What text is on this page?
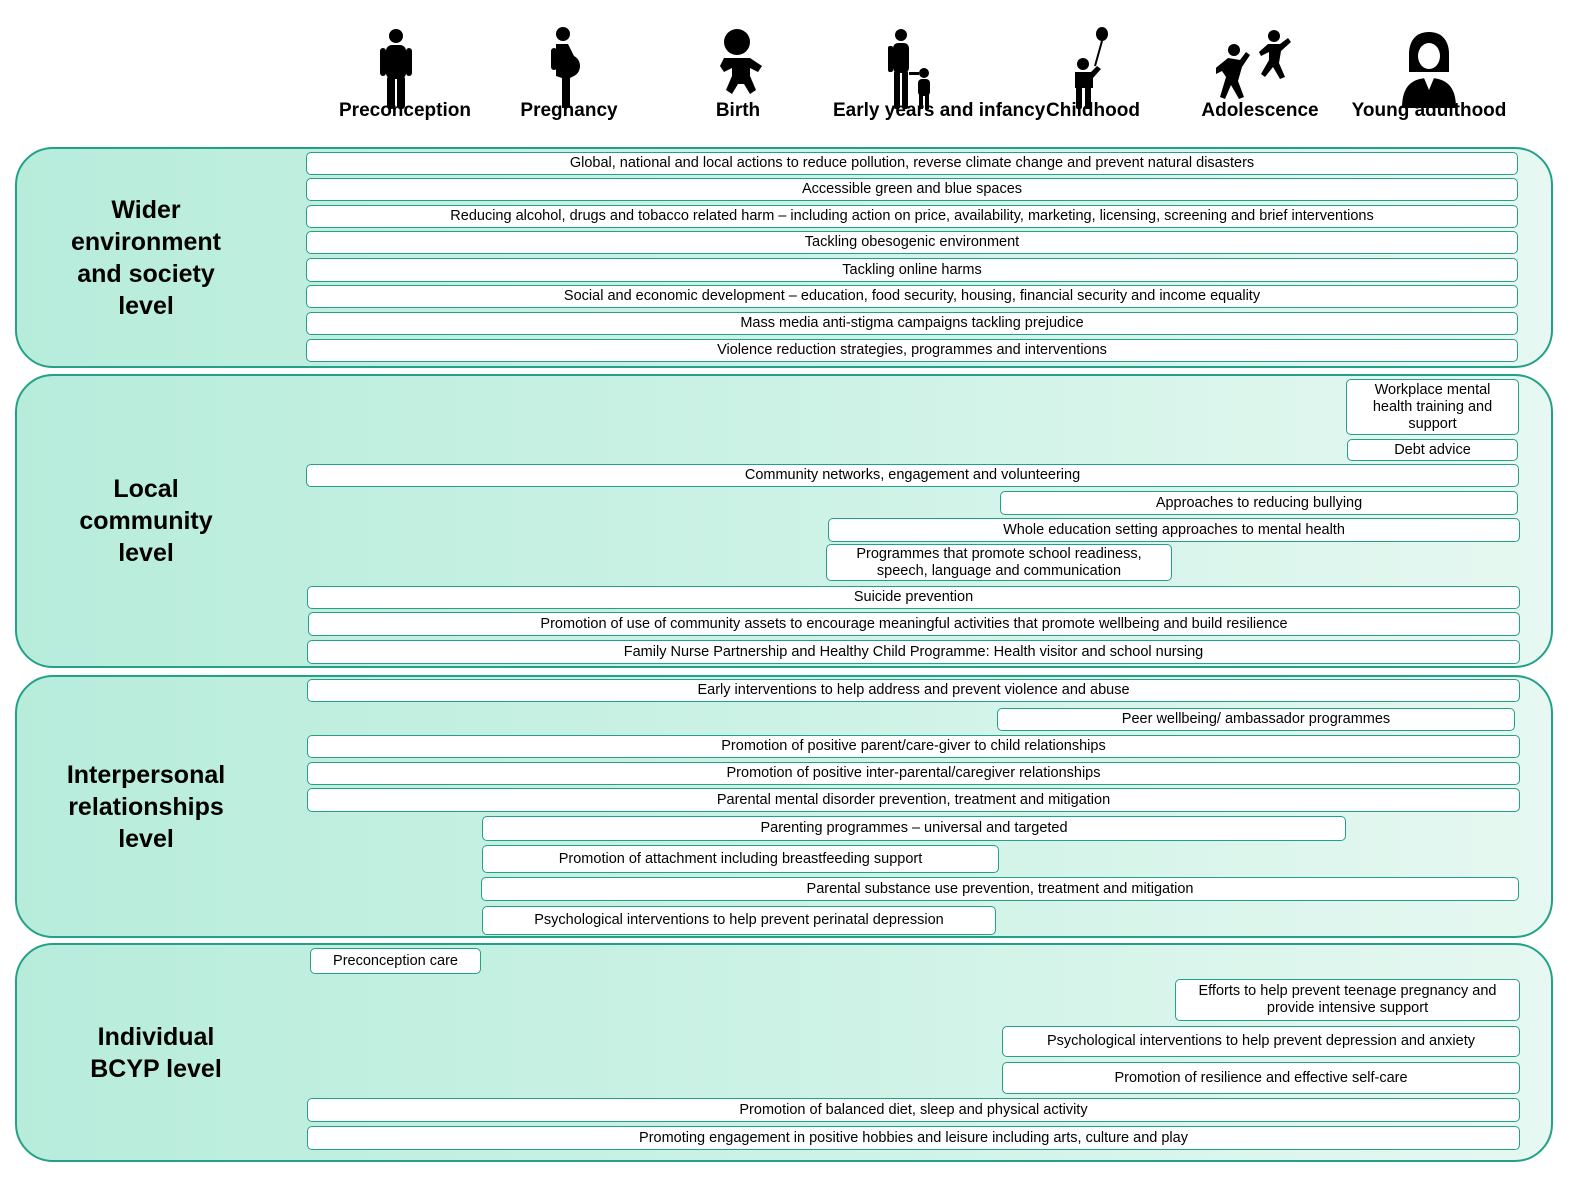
Preconception	Pregnancy	Birth	Early years and infancy Childhood	Adolescence	Young adulthood
Wider
environment
and society
level
Global, national and local actions to reduce pollution, reverse climate change and prevent natural disasters
Accessible green and blue spaces
Reducing alcohol, drugs and tobacco related harm – including action on price, availability, marketing, licensing, screening and brief interventions
Tackling obesogenic environment
Tackling online harms
Social and economic development – education, food security, housing, financial security and income equality
Mass media anti-stigma campaigns tackling prejudice
Violence reduction strategies, programmes and interventions
Local
community
level
Workplace mental health training and support
Debt advice
Community networks, engagement and volunteering
Approaches to reducing bullying
Whole education setting approaches to mental health
Programmes that promote school readiness, speech, language and communication
Suicide prevention
Promotion of use of community assets to encourage meaningful activities that promote wellbeing and build resilience
Family Nurse Partnership and Healthy Child Programme: Health visitor and school nursing
Interpersonal
relationships
level
Early interventions to help address and prevent violence and abuse
Peer wellbeing/ ambassador programmes
Promotion of positive parent/care-giver to child relationships
Promotion of positive inter-parental/caregiver relationships
Parental mental disorder prevention, treatment and mitigation
Parenting programmes – universal and targeted
Promotion of attachment including breastfeeding support
Parental substance use prevention, treatment and mitigation
Psychological interventions to help prevent perinatal depression
Individual
BCYP level
Preconception care
Efforts to help prevent teenage pregnancy and provide intensive support
Psychological interventions to help prevent depression and anxiety
Promotion of resilience and effective self-care
Promotion of balanced diet, sleep and physical activity
Promoting engagement in positive hobbies and leisure including arts, culture and play
